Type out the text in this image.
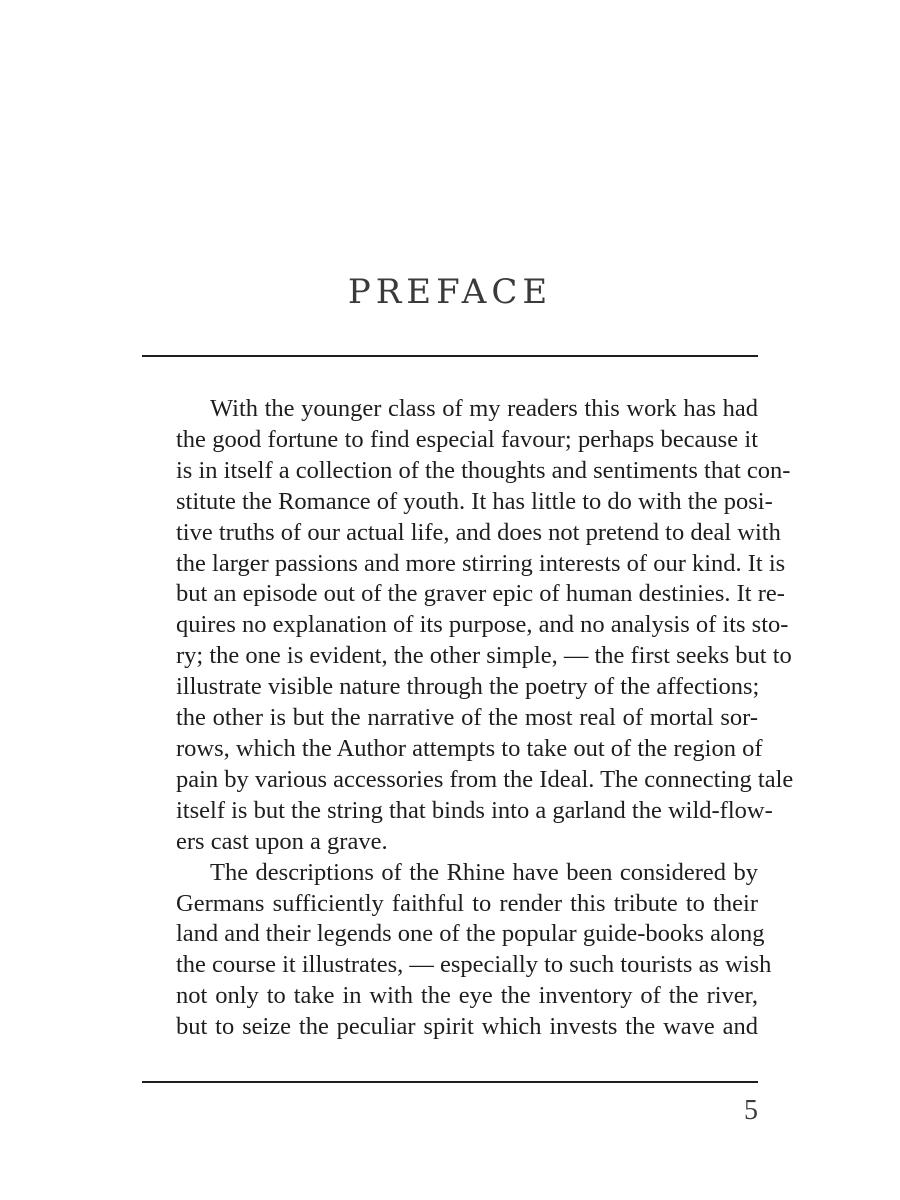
PREFACE

With the younger class of my readers this work has had
the good fortune to find especial favour; perhaps because it
is in itself a collection of the thoughts and sentiments that con-
stitute the Romance of youth. It has little to do with the posi-
tive truths of our actual life, and does not pretend to deal with
the larger passions and more stirring interests of our kind. It is
but an episode out of the graver epic of human destinies. It re-
quires no explanation of its purpose, and no analysis of its sto-
ry; the one is evident, the other simple, — the first seeks but to
illustrate visible nature through the poetry of the affections;
the other is but the narrative of the most real of mortal sor-
rows, which the Author attempts to take out of the region of
pain by various accessories from the Ideal. The connecting tale
itself is but the string that binds into a garland the wild-flow-
ers cast upon a grave.

The descriptions of the Rhine have been considered by
Germans sufficiently faithful to render this tribute to their
land and their legends one of the popular guide-books along
the course it illustrates, — especially to such tourists as wish
not only to take in with the eye the inventory of the river,
but to seize the peculiar spirit which invests the wave and

5
